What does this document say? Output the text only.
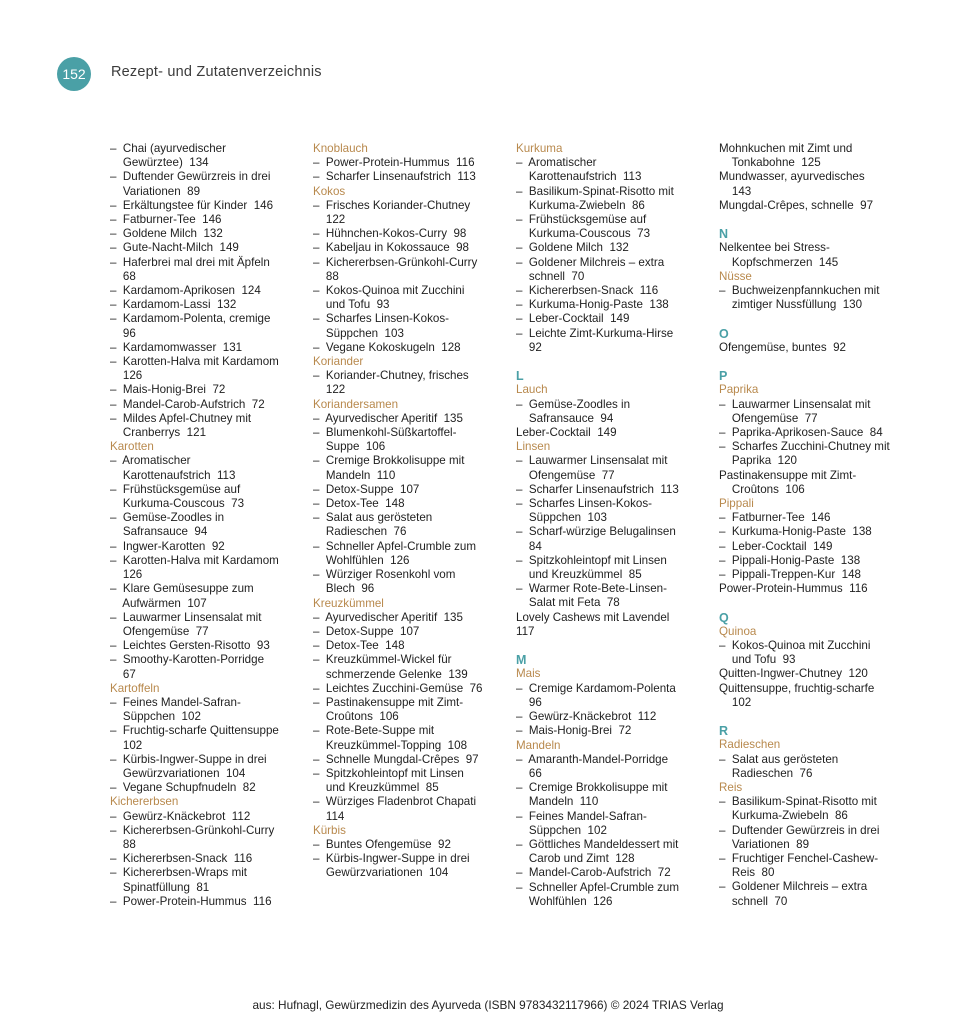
152	Rezept- und Zutatenverzeichnis
–  Chai (ayurvedischer
Gewürztee)  134
–  Duftender Gewürzreis in drei
Variationen  89
–  Erkältungstee für Kinder  146
–  Fatburner-Tee  146
–  Goldene Milch  132
–  Gute-Nacht-Milch  149
–  Haferbrei mal drei mit Äpfeln
68
–  Kardamom-Aprikosen  124
–  Kardamom-Lassi  132
–  Kardamom-Polenta, cremige
96
–  Kardamomwasser  131
–  Karotten-Halva mit Kardamom
126
–  Mais-Honig-Brei  72
–  Mandel-Carob-Aufstrich  72
–  Mildes Apfel-Chutney mit
Cranberrys  121
Karotten
–  Aromatischer
Karottenaufstrich  113
–  Frühstücksgemüse auf
Kurkuma-Couscous  73
–  Gemüse-Zoodles in
Safransauce  94
–  Ingwer-Karotten  92
–  Karotten-Halva mit Kardamom
126
–  Klare Gemüsesuppe zum
Aufwärmen  107
–  Lauwarmer Linsensalat mit
Ofengemüse  77
–  Leichtes Gersten-Risotto  93
–  Smoothy-Karotten-Porridge
67
Kartoffeln
–  Feines Mandel-Safran-
Süppchen  102
–  Fruchtig-scharfe Quittensuppe
102
–  Kürbis-Ingwer-Suppe in drei
Gewürzvariationen  104
–  Vegane Schupfnudeln  82
Kichererbsen
–  Gewürz-Knäckebrot  112
–  Kichererbsen-Grünkohl-Curry
88
–  Kichererbsen-Snack  116
–  Kichererbsen-Wraps mit
Spinatfüllung  81
–  Power-Protein-Hummus  116
Knoblauch
–  Power-Protein-Hummus  116
–  Scharfer Linsenaufstrich  113
Kokos
–  Frisches Koriander-Chutney
122
–  Hühnchen-Kokos-Curry  98
–  Kabeljau in Kokossauce  98
–  Kichererbsen-Grünkohl-Curry
88
–  Kokos-Quinoa mit Zucchini
und Tofu  93
–  Scharfes Linsen-Kokos-
Süppchen  103
–  Vegane Kokoskugeln  128
Koriander
–  Koriander-Chutney, frisches
122
Koriandersamen
–  Ayurvedischer Aperitif  135
–  Blumenkohl-Süßkartoffel-
Suppe  106
–  Cremige Brokkolisuppe mit
Mandeln  110
–  Detox-Suppe  107
–  Detox-Tee  148
–  Salat aus gerösteten
Radieschen  76
–  Schneller Apfel-Crumble zum
Wohlfühlen  126
–  Würziger Rosenkohl vom
Blech  96
Kreuzkümmel
–  Ayurvedischer Aperitif  135
–  Detox-Suppe  107
–  Detox-Tee  148
–  Kreuzkümmel-Wickel für
schmerzende Gelenke  139
–  Leichtes Zucchini-Gemüse  76
–  Pastinakensuppe mit Zimt-
Croûtons  106
–  Rote-Bete-Suppe mit
Kreuzkümmel-Topping  108
–  Schnelle Mungdal-Crêpes  97
–  Spitzkohleintopf mit Linsen
und Kreuzkümmel  85
–  Würziges Fladenbrot Chapati
114
Kürbis
–  Buntes Ofengemüse  92
–  Kürbis-Ingwer-Suppe in drei
Gewürzvariationen  104
Kurkuma
–  Aromatischer
Karottenaufstrich  113
–  Basilikum-Spinat-Risotto mit
Kurkuma-Zwiebeln  86
–  Frühstücksgemüse auf
Kurkuma-Couscous  73
–  Goldene Milch  132
–  Goldener Milchreis – extra
schnell  70
–  Kichererbsen-Snack  116
–  Kurkuma-Honig-Paste  138
–  Leber-Cocktail  149
–  Leichte Zimt-Kurkuma-Hirse
92
L
Lauch
–  Gemüse-Zoodles in
Safransauce  94
Leber-Cocktail  149
Linsen
–  Lauwarmer Linsensalat mit
Ofengemüse  77
–  Scharfer Linsenaufstrich  113
–  Scharfes Linsen-Kokos-
Süppchen  103
–  Scharf-würzige Belugalinsen
84
–  Spitzkohleintopf mit Linsen
und Kreuzkümmel  85
–  Warmer Rote-Bete-Linsen-
Salat mit Feta  78
Lovely Cashews mit Lavendel
117
M
Mais
–  Cremige Kardamom-Polenta
96
–  Gewürz-Knäckebrot  112
–  Mais-Honig-Brei  72
Mandeln
–  Amaranth-Mandel-Porridge
66
–  Cremige Brokkolisuppe mit
Mandeln  110
–  Feines Mandel-Safran-
Süppchen  102
–  Göttliches Mandeldessert mit
Carob und Zimt  128
–  Mandel-Carob-Aufstrich  72
–  Schneller Apfel-Crumble zum
Wohlfühlen  126
Mohnkuchen mit Zimt und
Tonkabohne  125
Mundwasser, ayurvedisches
143
Mungdal-Crêpes, schnelle  97
N
Nelkentee bei Stress-
Kopfschmerzen  145
Nüsse
–  Buchweizenpfannkuchen mit
zimtiger Nussfüllung  130
O
Ofengemüse, buntes  92
P
Paprika
–  Lauwarmer Linsensalat mit
Ofengemüse  77
–  Paprika-Aprikosen-Sauce  84
–  Scharfes Zucchini-Chutney mit
Paprika  120
Pastinakensuppe mit Zimt-
Croûtons  106
Pippali
–  Fatburner-Tee  146
–  Kurkuma-Honig-Paste  138
–  Leber-Cocktail  149
–  Pippali-Honig-Paste  138
–  Pippali-Treppen-Kur  148
Power-Protein-Hummus  116
Q
Quinoa
–  Kokos-Quinoa mit Zucchini
und Tofu  93
Quitten-Ingwer-Chutney  120
Quittensuppe, fruchtig-scharfe
102
R
Radieschen
–  Salat aus gerösteten
Radieschen  76
Reis
–  Basilikum-Spinat-Risotto mit
Kurkuma-Zwiebeln  86
–  Duftender Gewürzreis in drei
Variationen  89
–  Fruchtiger Fenchel-Cashew-
Reis  80
–  Goldener Milchreis – extra
schnell  70
aus: Hufnagl, Gewürzmedizin des Ayurveda (ISBN 9783432117966) © 2024 TRIAS Verlag
